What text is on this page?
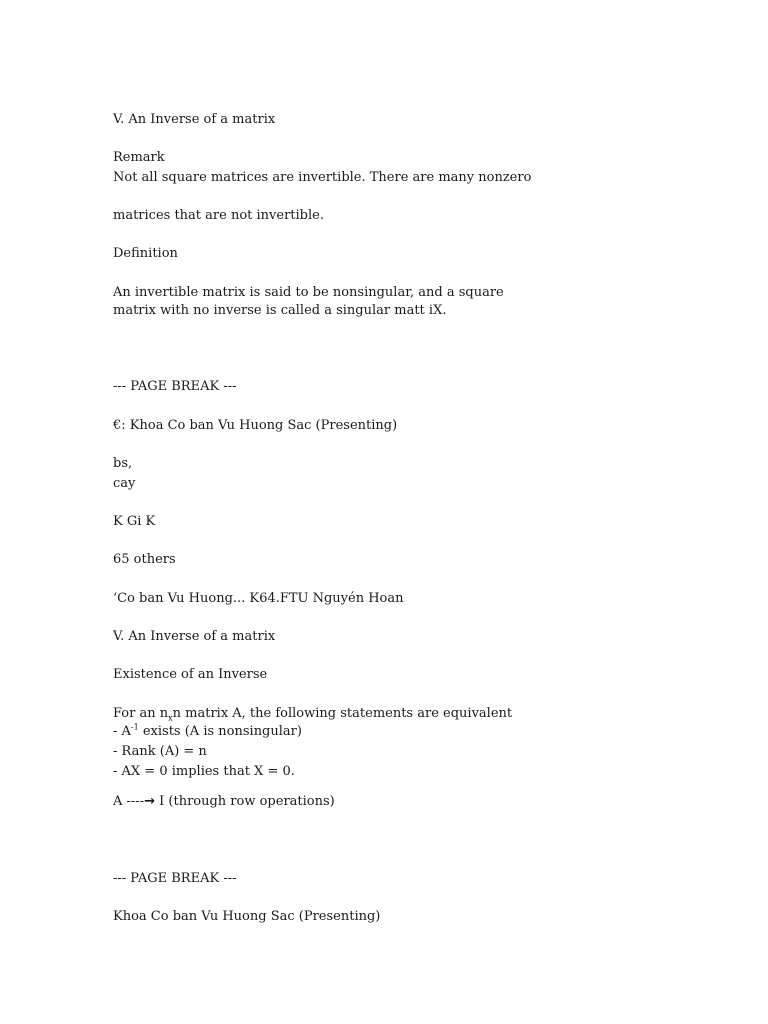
V. An Inverse of a matrix
Remark
Not all square matrices are invertible. There are many nonzero
matrices that are not invertible.
Definition
An invertible matrix is said to be nonsingular, and a square
matrix with no inverse is called a singular matt iX.
--- PAGE BREAK ---
€: Khoa Co ban Vu Huong Sac (Presenting)
bs,
cay
K Gi K
65 others
‘Co ban Vu Huong... K64.FTU Nguyén Hoan
V. An Inverse of a matrix
Existence of an Inverse
For an $n_xn$ matrix A, the following statements are equivalent
- $A^{-1}$ exists (A is nonsingular)
- Rank (A) = n
- AX = 0 implies that X = 0.
A ----→ I (through row operations)
--- PAGE BREAK ---
Khoa Co ban Vu Huong Sac (Presenting)
